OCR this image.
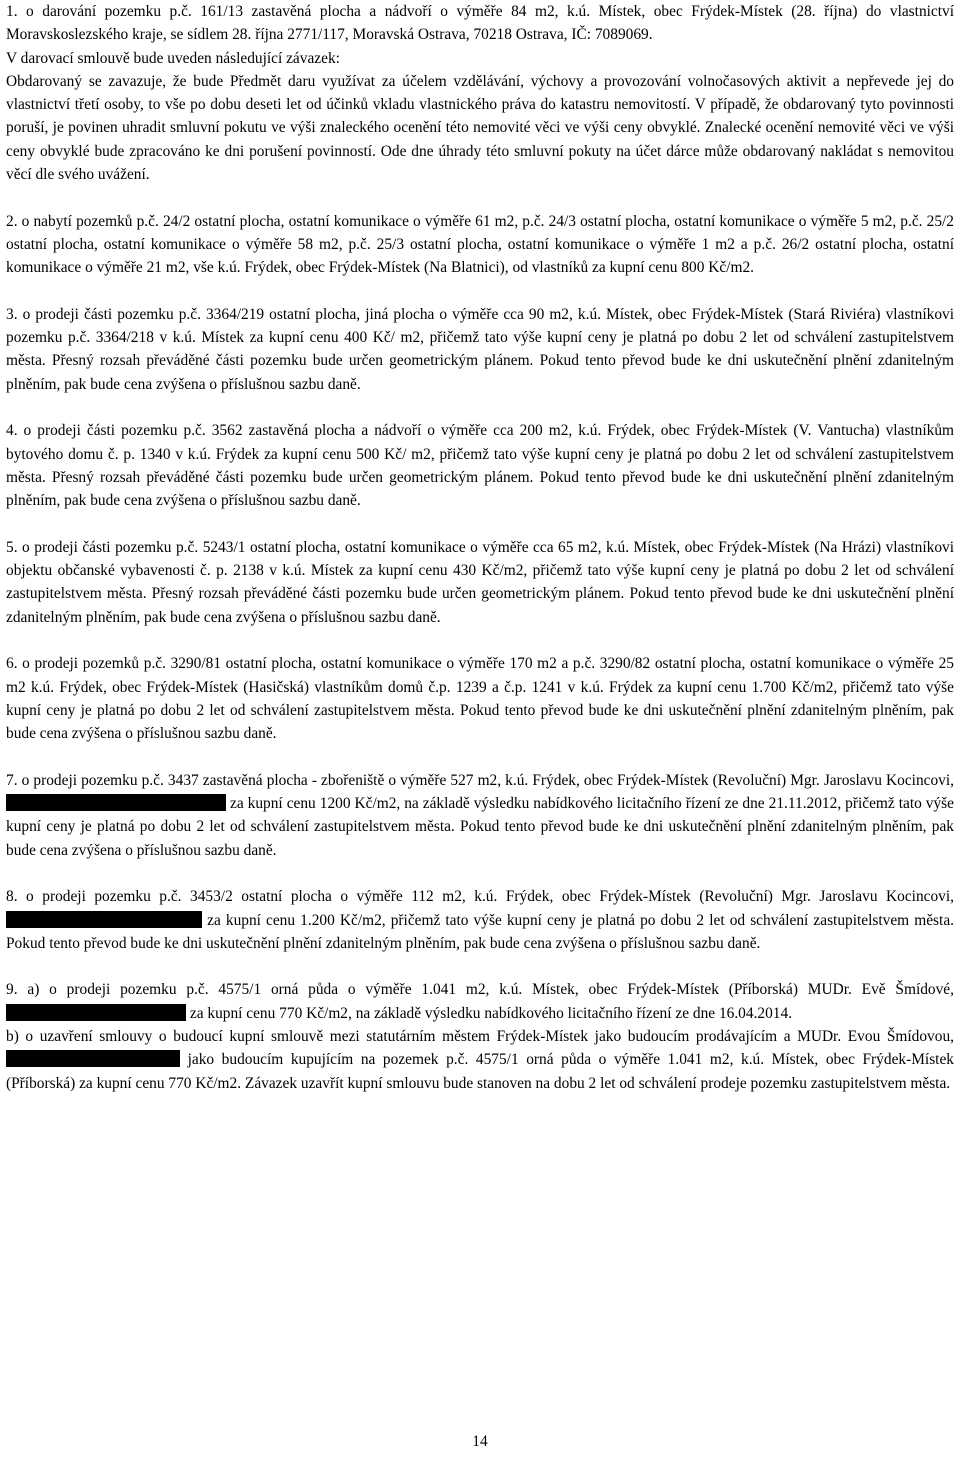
1. o darování pozemku p.č. 161/13 zastavěná plocha a nádvoří o výměře 84 m2, k.ú. Místek, obec Frýdek-Místek (28. října) do vlastnictví Moravskoslezského kraje, se sídlem 28. října 2771/117, Moravská Ostrava, 70218 Ostrava, IČ: 7089069.

V darovací smlouvě bude uveden následující závazek:

Obdarovaný se zavazuje, že bude Předmět daru využívat za účelem vzdělávání, výchovy a provozování volnočasových aktivit a nepřevede jej do vlastnictví třetí osoby, to vše po dobu deseti let od účinků vkladu vlastnického práva do katastru nemovitostí. V případě, že obdarovaný tyto povinnosti poruší, je povinen uhradit smluvní pokutu ve výši znaleckého ocenění této nemovité věci ve výši ceny obvyklé. Znalecké ocenění nemovité věci ve výši ceny obvyklé bude zpracováno ke dni porušení povinností. Ode dne úhrady této smluvní pokuty na účet dárce může obdarovaný nakládat s nemovitou věcí dle svého uvážení.

2. o nabytí pozemků p.č. 24/2 ostatní plocha, ostatní komunikace o výměře 61 m2, p.č. 24/3 ostatní plocha, ostatní komunikace o výměře 5 m2, p.č. 25/2 ostatní plocha, ostatní komunikace o výměře 58 m2, p.č. 25/3 ostatní plocha, ostatní komunikace o výměře 1 m2 a p.č. 26/2 ostatní plocha, ostatní komunikace o výměře 21 m2, vše k.ú. Frýdek, obec Frýdek-Místek (Na Blatnici), od vlastníků za kupní cenu 800 Kč/m2.

3. o prodeji části pozemku p.č. 3364/219 ostatní plocha, jiná plocha o výměře cca 90 m2, k.ú. Místek, obec Frýdek-Místek (Stará Riviéra) vlastníkovi pozemku p.č. 3364/218 v k.ú. Místek za kupní cenu 400 Kč/ m2, přičemž tato výše kupní ceny je platná po dobu 2 let od schválení zastupitelstvem města. Přesný rozsah převáděné části pozemku bude určen geometrickým plánem. Pokud tento převod bude ke dni uskutečnění plnění zdanitelným plněním, pak bude cena zvýšena o příslušnou sazbu daně.

4. o prodeji části pozemku p.č. 3562 zastavěná plocha a nádvoří o výměře cca 200 m2, k.ú. Frýdek, obec Frýdek-Místek (V. Vantucha) vlastníkům bytového domu č. p. 1340 v k.ú. Frýdek za kupní cenu 500 Kč/ m2, přičemž tato výše kupní ceny je platná po dobu 2 let od schválení zastupitelstvem města. Přesný rozsah převáděné části pozemku bude určen geometrickým plánem. Pokud tento převod bude ke dni uskutečnění plnění zdanitelným plněním, pak bude cena zvýšena o příslušnou sazbu daně.

5. o prodeji části pozemku p.č. 5243/1 ostatní plocha, ostatní komunikace o výměře cca 65 m2, k.ú. Místek, obec Frýdek-Místek (Na Hrázi) vlastníkovi objektu občanské vybavenosti č. p. 2138 v k.ú. Místek za kupní cenu 430 Kč/m2, přičemž tato výše kupní ceny je platná po dobu 2 let od schválení zastupitelstvem města. Přesný rozsah převáděné části pozemku bude určen geometrickým plánem. Pokud tento převod bude ke dni uskutečnění plnění zdanitelným plněním, pak bude cena zvýšena o příslušnou sazbu daně.

6. o prodeji pozemků p.č. 3290/81 ostatní plocha, ostatní komunikace o výměře 170 m2 a p.č. 3290/82 ostatní plocha, ostatní komunikace o výměře 25 m2 k.ú. Frýdek, obec Frýdek-Místek (Hasičská) vlastníkům domů č.p. 1239 a č.p. 1241 v k.ú. Frýdek za kupní cenu 1.700 Kč/m2, přičemž tato výše kupní ceny je platná po dobu 2 let od schválení zastupitelstvem města. Pokud tento převod bude ke dni uskutečnění plnění zdanitelným plněním, pak bude cena zvýšena o příslušnou sazbu daně.

7. o prodeji pozemku p.č. 3437 zastavěná plocha - zbořeniště o výměře 527 m2, k.ú. Frýdek, obec Frýdek-Místek (Revoluční) Mgr. Jaroslavu Kocincovi,  za kupní cenu 1200 Kč/m2, na základě výsledku nabídkového licitačního řízení ze dne 21.11.2012, přičemž tato výše kupní ceny je platná po dobu 2 let od schválení zastupitelstvem města. Pokud tento převod bude ke dni uskutečnění plnění zdanitelným plněním, pak bude cena zvýšena o příslušnou sazbu daně.

8. o prodeji pozemku p.č. 3453/2 ostatní plocha o výměře 112 m2, k.ú. Frýdek, obec Frýdek-Místek (Revoluční) Mgr. Jaroslavu Kocincovi,  za kupní cenu 1.200 Kč/m2, přičemž tato výše kupní ceny je platná po dobu 2 let od schválení zastupitelstvem města. Pokud tento převod bude ke dni uskutečnění plnění zdanitelným plněním, pak bude cena zvýšena o příslušnou sazbu daně.

9. a) o prodeji pozemku p.č. 4575/1 orná půda o výměře 1.041 m2, k.ú. Místek, obec Frýdek-Místek (Příborská) MUDr. Evě Šmídové,  za kupní cenu 770 Kč/m2, na základě výsledku nabídkového licitačního řízení ze dne 16.04.2014.

b) o uzavření smlouvy o budoucí kupní smlouvě mezi statutárním městem Frýdek-Místek jako budoucím prodávajícím a MUDr. Evou Šmídovou,  jako budoucím kupujícím na pozemek p.č. 4575/1 orná půda o výměře 1.041 m2, k.ú. Místek, obec Frýdek-Místek (Příborská) za kupní cenu 770 Kč/m2. Závazek uzavřít kupní smlouvu bude stanoven na dobu 2 let od schválení prodeje pozemku zastupitelstvem města.

14
